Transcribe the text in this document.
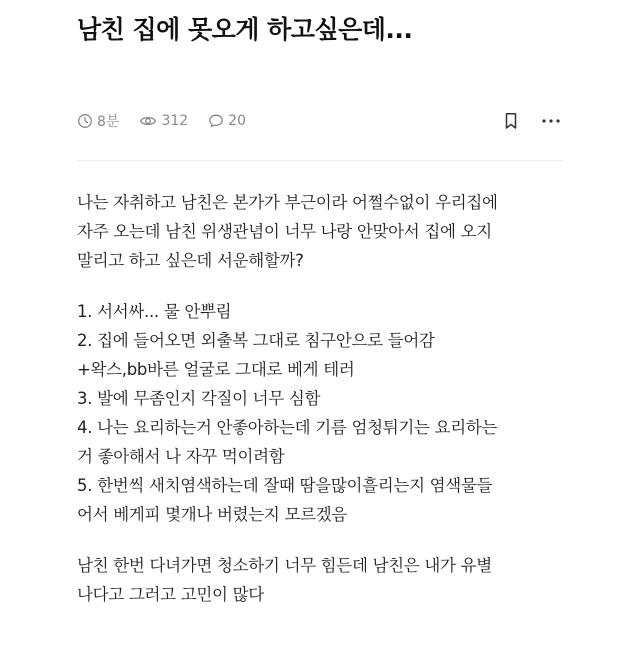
남친 집에 못오게 하고싶은데...
8분	312	20
나는 자취하고 남친은 본가가 부근이라 어쩔수없이 우리집에
자주 오는데 남친 위생관념이 너무 나랑 안맞아서 집에 오지
말리고 하고 싶은데 서운해할까?
1. 서서싸... 물 안뿌림
2. 집에 들어오면 외출복 그대로 침구안으로 들어감
+왁스,bb바른 얼굴로 그대로 베게 테러
3. 발에 무좀인지 각질이 너무 심함
4. 나는 요리하는거 안좋아하는데 기름 엄청튀기는 요리하는
거 좋아해서 나 자꾸 먹이려함
5. 한번씩 새치염색하는데 잘때 땀을많이흘리는지 염색물들
어서 베게피 몇개나 버렸는지 모르겠음
남친 한번 다녀가면 청소하기 너무 힘든데 남친은 내가 유별
나다고 그러고 고민이 많다
